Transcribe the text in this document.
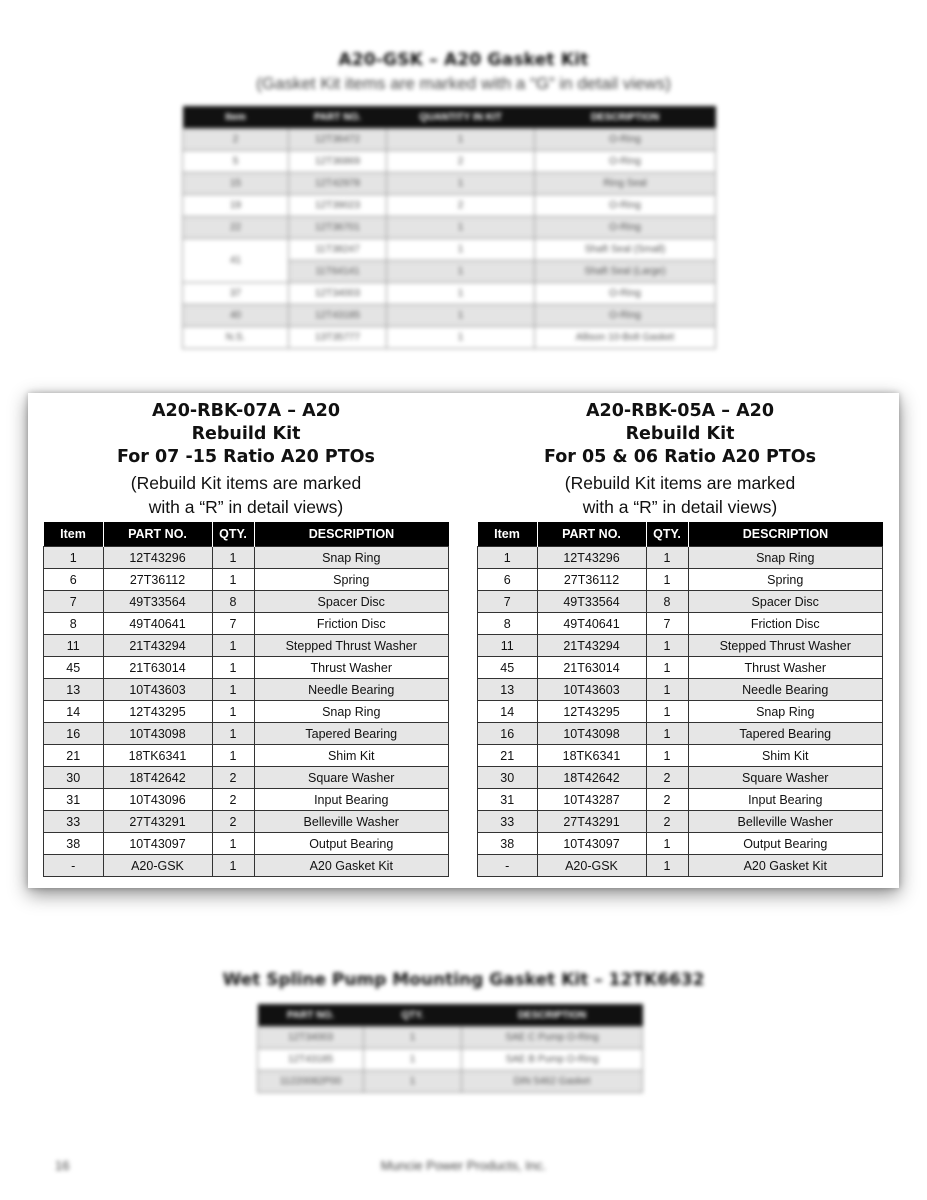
A20-GSK – A20 Gasket Kit
(Gasket Kit items are marked with a “G” in detail views)
Item	PART NO.	QUANTITY IN KIT	DESCRIPTION
2	12T36472	1	O-Ring
5	12T36869	2	O-Ring
15	12T42978	1	Ring Seal
19	12T39023	2	O-Ring
22	12T36701	1	O-Ring
41	11T38247	1	Shaft Seal (Small)
	11T64141	1	Shaft Seal (Large)
37	12T34003	1	O-Ring
40	12T43185	1	O-Ring
N.S.	13T35777	1	Allison 10-Bolt Gasket
A20-RBK-07A – A20
Rebuild Kit
For 07 -15 Ratio A20 PTOs
(Rebuild Kit items are marked
with a “R” in detail views)
Item	PART NO.	QTY.	DESCRIPTION
1	12T43296	1	Snap Ring
6	27T36112	1	Spring
7	49T33564	8	Spacer Disc
8	49T40641	7	Friction Disc
11	21T43294	1	Stepped Thrust Washer
45	21T63014	1	Thrust Washer
13	10T43603	1	Needle Bearing
14	12T43295	1	Snap Ring
16	10T43098	1	Tapered Bearing
21	18TK6341	1	Shim Kit
30	18T42642	2	Square Washer
31	10T43096	2	Input Bearing
33	27T43291	2	Belleville Washer
38	10T43097	1	Output Bearing
-	A20-GSK	1	A20 Gasket Kit
A20-RBK-05A – A20
Rebuild Kit
For 05 & 06 Ratio A20 PTOs
(Rebuild Kit items are marked
with a “R” in detail views)
Item	PART NO.	QTY.	DESCRIPTION
1	12T43296	1	Snap Ring
6	27T36112	1	Spring
7	49T33564	8	Spacer Disc
8	49T40641	7	Friction Disc
11	21T43294	1	Stepped Thrust Washer
45	21T63014	1	Thrust Washer
13	10T43603	1	Needle Bearing
14	12T43295	1	Snap Ring
16	10T43098	1	Tapered Bearing
21	18TK6341	1	Shim Kit
30	18T42642	2	Square Washer
31	10T43287	2	Input Bearing
33	27T43291	2	Belleville Washer
38	10T43097	1	Output Bearing
-	A20-GSK	1	A20 Gasket Kit
Wet Spline Pump Mounting Gasket Kit – 12TK6632
PART NO.	QTY.	DESCRIPTION
12T34003	1	SAE C Pump O-Ring
12T43185	1	SAE B Pump O-Ring
11220082P00	1	DIN 5462 Gasket
16	Muncie Power Products, Inc.
